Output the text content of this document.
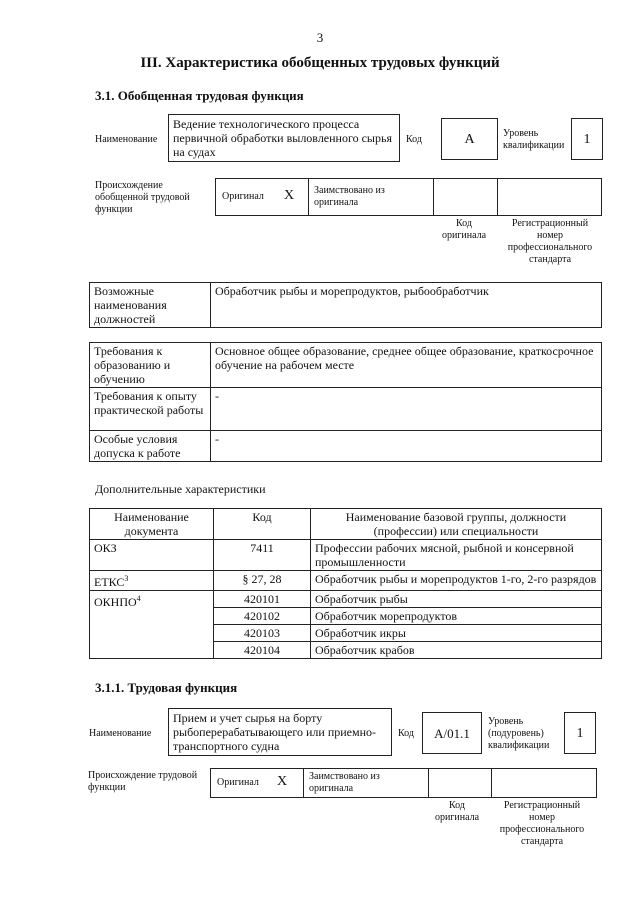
3
III. Характеристика обобщенных трудовых функций
3.1. Обобщенная трудовая функция
Наименование
Ведение технологического процесса первичной обработки выловленного сырья на судах
Код	А	Уровень квалификации	1
Происхождение обобщенной трудовой функции
Оригинал X Заимствовано из оригинала
Код оригинала
Регистрационный номер профессионального стандарта
Возможные наименования должностей	Обработчик рыбы и морепродуктов, рыбообработчик
Требования к образованию и обучению	Основное общее образование, среднее общее образование, краткосрочное обучение на рабочем месте
Требования к опыту практической работы	-
Особые условия допуска к работе	-
Дополнительные характеристики
Наименование документа	Код	Наименование базовой группы, должности (профессии) или специальности
ОКЗ	7411	Профессии рабочих мясной, рыбной и консервной промышленности
ЕТКС$^3$	§ 27, 28	Обработчик рыбы и морепродуктов 1-го, 2-го разрядов
ОКНПО$^4$	420101	Обработчик рыбы
	420102	Обработчик морепродуктов
	420103	Обработчик икры
	420104	Обработчик крабов
3.1.1. Трудовая функция
Наименование
Прием и учет сырья на борту рыбоперерабатывающего или приемно-транспортного судна
Код	А/01.1
Уровень (подуровень) квалификации
1
Происхождение трудовой функции	Оригинал X Заимствовано из оригинала
Код оригинала
Регистрационный номер профессионального стандарта
